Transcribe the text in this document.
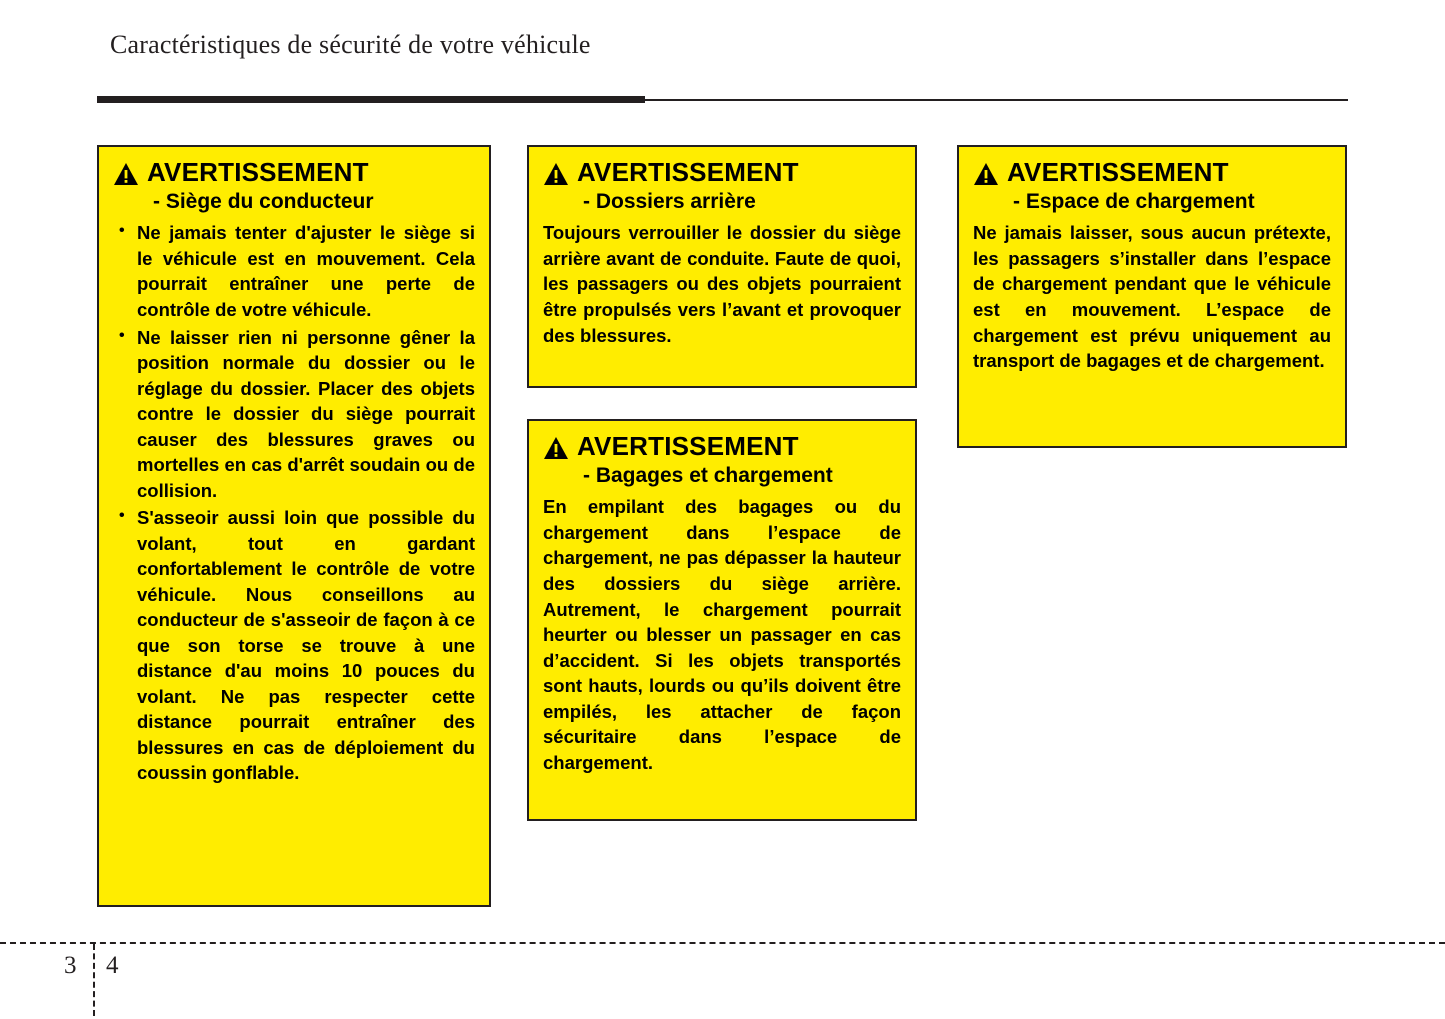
Caractéristiques de sécurité de votre véhicule
AVERTISSEMENT
- Siège du conducteur
• Ne jamais tenter d'ajuster le siège si le véhicule est en mouvement. Cela pourrait entraîner une perte de contrôle de votre véhicule.
• Ne laisser rien ni personne gêner la position normale du dossier ou le réglage du dossier. Placer des objets contre le dossier du siège pourrait causer des blessures graves ou mortelles en cas d'arrêt soudain ou de collision.
• S'asseoir aussi loin que possible du volant, tout en gardant confortablement le contrôle de votre véhicule. Nous conseillons au conducteur de s'asseoir de façon à ce que son torse se trouve à une distance d'au moins 10 pouces du volant. Ne pas respecter cette distance pourrait entraîner des blessures en cas de déploiement du coussin gonflable.
AVERTISSEMENT
- Dossiers arrière
Toujours verrouiller le dossier du siège arrière avant de conduite. Faute de quoi, les passagers ou des objets pourraient être propulsés vers l’avant et provoquer des blessures.
AVERTISSEMENT
- Bagages et chargement
En empilant des bagages ou du chargement dans l’espace de chargement, ne pas dépasser la hauteur des dossiers du siège arrière. Autrement, le chargement pourrait heurter ou blesser un passager en cas d’accident. Si les objets transportés sont hauts, lourds ou qu’ils doivent être empilés, les attacher de façon sécuritaire dans l’espace de chargement.
AVERTISSEMENT
- Espace de chargement
Ne jamais laisser, sous aucun prétexte, les passagers s’installer dans l’espace de chargement pendant que le véhicule est en mouvement. L’espace de chargement est prévu uniquement au transport de bagages et de chargement.
3 4
